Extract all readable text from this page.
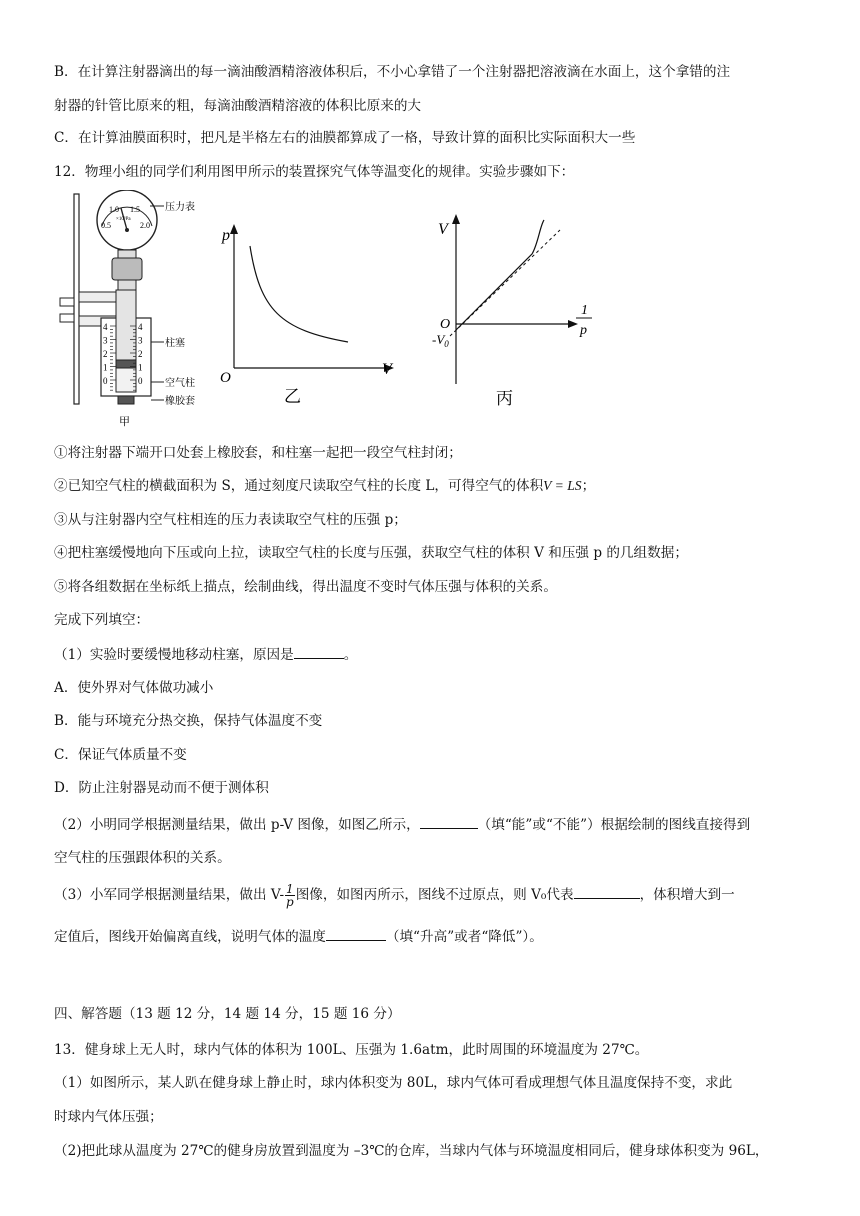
B．在计算注射器滴出的每一滴油酸酒精溶液体积后，不小心拿错了一个注射器把溶液滴在水面上，这个拿错的注
射器的针管比原来的粗，每滴油酸酒精溶液的体积比原来的大
C．在计算油膜面积时，把凡是半格左右的油膜都算成了一格，导致计算的面积比实际面积大一些
12．物理小组的同学们利用图甲所示的装置探究气体等温变化的规律。实验步骤如下：
0.5
1.0 1.5
2.0
×10⁵Pa
压力表
4
3
2
1
0
4
3
2
1
0
柱塞
空气柱
橡胶套
甲
p
V
O
乙
V
O
$-V_0$
1
p
丙
①将注射器下端开口处套上橡胶套，和柱塞一起把一段空气柱封闭；
②已知空气柱的横截面积为 S，通过刻度尺读取空气柱的长度 L，可得空气的体积V = LS；
③从与注射器内空气柱相连的压力表读取空气柱的压强 p；
④把柱塞缓慢地向下压或向上拉，读取空气柱的长度与压强，获取空气柱的体积 V 和压强 p 的几组数据；
⑤将各组数据在坐标纸上描点，绘制曲线，得出温度不变时气体压强与体积的关系。
完成下列填空：
（1）实验时要缓慢地移动柱塞，原因是	。
A．使外界对气体做功减小
B．能与环境充分热交换，保持气体温度不变
C．保证气体质量不变
D．防止注射器晃动而不便于测体积
（2）小明同学根据测量结果，做出 p-V 图像，如图乙所示，	（填“能”或“不能”）根据绘制的图线直接得到
空气柱的压强跟体积的关系。
（3）小军同学根据测量结果，做出 $V- \frac{1}{p}$ 图像，如图丙所示，图线不过原点，则 V₀代表	，体积增大到一
定值后，图线开始偏离直线，说明气体的温度	（填“升高”或者“降低”）。
四、解答题（13 题 12 分，14 题 14 分，15 题 16 分）
13．健身球上无人时，球内气体的体积为 100L、压强为 1.6atm，此时周围的环境温度为 27℃。
（1）如图所示，某人趴在健身球上静止时，球内体积变为 80L，球内气体可看成理想气体且温度保持不变，求此
时球内气体压强；
（2)把此球从温度为 27℃的健身房放置到温度为 –3℃的仓库，当球内气体与环境温度相同后，健身球体积变为 96L，
